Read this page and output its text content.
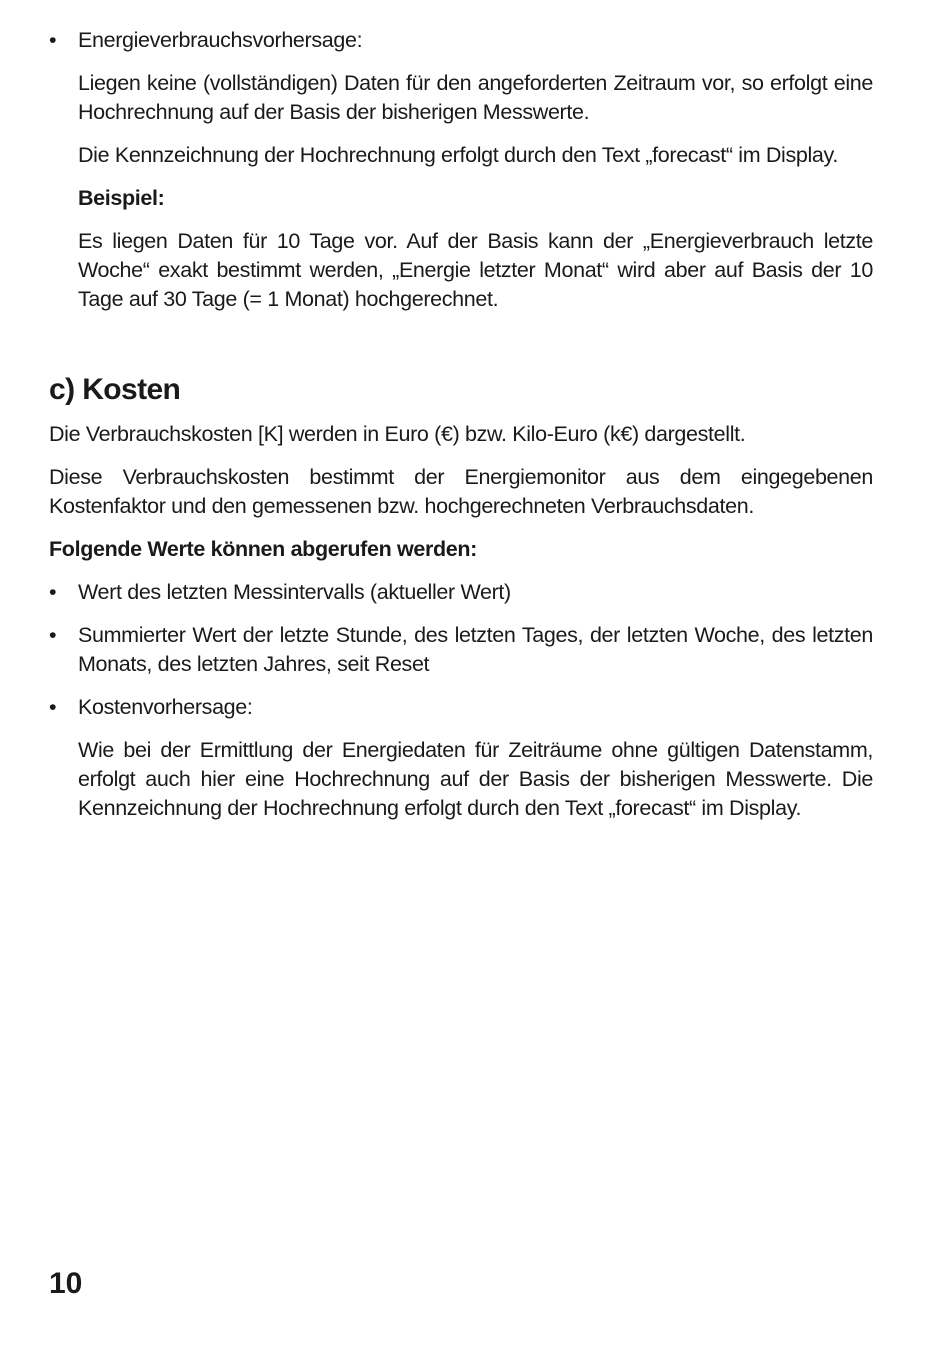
•	Energieverbrauchsvorhersage:

Liegen keine (vollständigen) Daten für den angeforderten Zeitraum vor, so erfolgt eine Hochrechnung auf der Basis der bisherigen Messwerte.

Die Kennzeichnung der Hochrechnung erfolgt durch den Text „forecast“ im Display.

Beispiel:

Es liegen Daten für 10 Tage vor. Auf der Basis kann der „Energieverbrauch letzte Woche“ exakt bestimmt werden, „Energie letzter Monat“ wird aber auf Basis der 10 Tage auf 30 Tage (= 1 Monat) hochgerechnet.

c) Kosten

Die Verbrauchskosten [K] werden in Euro (€) bzw. Kilo-Euro (k€) dargestellt.

Diese Verbrauchskosten bestimmt der Energiemonitor aus dem eingegebenen Kostenfaktor und den gemessenen bzw. hochgerechneten Verbrauchsdaten.

Folgende Werte können abgerufen werden:

•	Wert des letzten Messintervalls (aktueller Wert)

•	Summierter Wert der letzte Stunde, des letzten Tages, der letzten Woche, des letzten Monats, des letzten Jahres, seit Reset

•	Kostenvorhersage:

Wie bei der Ermittlung der Energiedaten für Zeiträume ohne gültigen Datenstamm, erfolgt auch hier eine Hochrechnung auf der Basis der bisherigen Messwerte. Die Kennzeichnung der Hochrechnung erfolgt durch den Text „forecast“ im Display.

10
